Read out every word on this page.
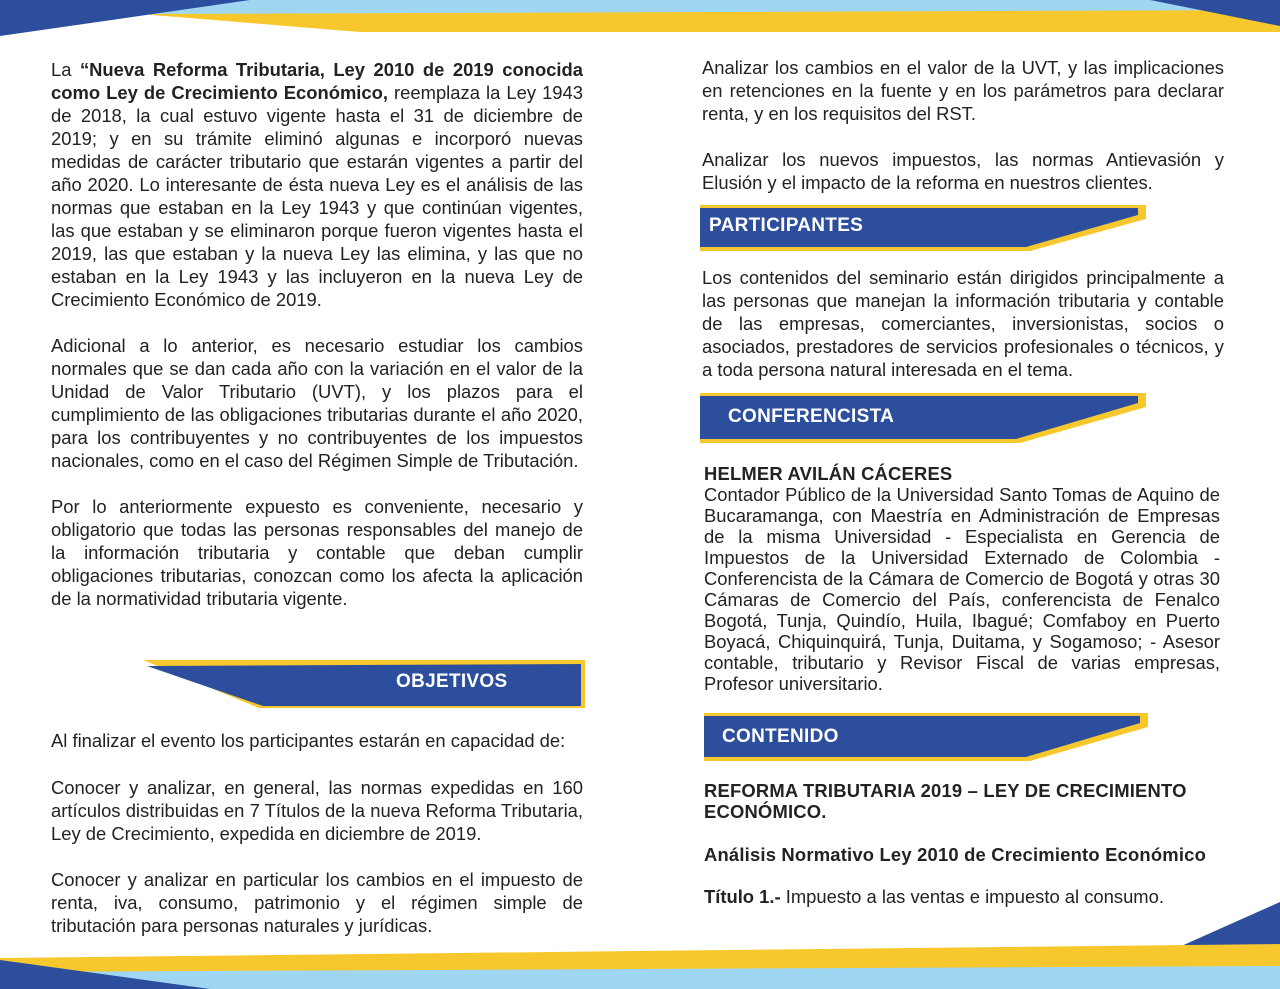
La “Nueva Reforma Tributaria, Ley 2010 de 2019 conocida como Ley de Crecimiento Económico, reemplaza la Ley 1943 de 2018, la cual estuvo vigente hasta el 31 de diciembre de 2019; y en su trámite eliminó algunas e incorporó nuevas medidas de carácter tributario que estarán vigentes a partir del año 2020. Lo interesante de ésta nueva Ley es el análisis de las normas que estaban en la Ley 1943 y que continúan vigentes, las que estaban y se eliminaron porque fueron vigentes hasta el 2019, las que estaban y la nueva Ley las elimina, y las que no estaban en la Ley 1943 y las incluyeron en la nueva Ley de Crecimiento Económico de 2019.

Adicional a lo anterior, es necesario estudiar los cambios normales que se dan cada año con la variación en el valor de la Unidad de Valor Tributario (UVT), y los plazos para el cumplimiento de las obligaciones tributarias durante el año 2020, para los contribuyentes y no contribuyentes de los impuestos nacionales, como en el caso del Régimen Simple de Tributación.

Por lo anteriormente expuesto es conveniente, necesario y obligatorio que todas las personas responsables del manejo de la información tributaria y contable que deban cumplir obligaciones tributarias, conozcan como los afecta la aplicación de la normatividad tributaria vigente.

OBJETIVOS

Al finalizar el evento los participantes estarán en capacidad de:

Conocer y analizar, en general, las normas expedidas en 160 artículos distribuidas en 7 Títulos de la nueva Reforma Tributaria, Ley de Crecimiento, expedida en diciembre de 2019.

Conocer y analizar en particular los cambios en el impuesto de renta, iva, consumo, patrimonio y el régimen simple de tributación para personas naturales y jurídicas.

Analizar los cambios en el valor de la UVT, y las implicaciones en retenciones en la fuente y en los parámetros para declarar renta, y en los requisitos del RST.

Analizar los nuevos impuestos, las normas Antievasión y Elusión y el impacto de la reforma en nuestros clientes.

PARTICIPANTES

Los contenidos del seminario están dirigidos principalmente a las personas que manejan la información tributaria y contable de las empresas, comerciantes, inversionistas, socios o asociados, prestadores de servicios profesionales o técnicos, y a toda persona natural interesada en el tema.

CONFERENCISTA

HELMER AVILÁN CÁCERES

Contador Público de la Universidad Santo Tomas de Aquino de Bucaramanga, con Maestría en Administración de Empresas de la misma Universidad - Especialista en Gerencia de Impuestos de la Universidad Externado de Colombia - Conferencista de la Cámara de Comercio de Bogotá y otras 30 Cámaras de Comercio del País, conferencista de Fenalco Bogotá, Tunja, Quindío, Huila, Ibagué; Comfaboy en Puerto Boyacá, Chiquinquirá, Tunja, Duitama, y Sogamoso; - Asesor contable, tributario y Revisor Fiscal de varias empresas, Profesor universitario.

CONTENIDO

REFORMA TRIBUTARIA 2019 – LEY DE CRECIMIENTO ECONÓMICO.

Análisis Normativo Ley 2010 de Crecimiento Económico

Título 1.- Impuesto a las ventas e impuesto al consumo.
